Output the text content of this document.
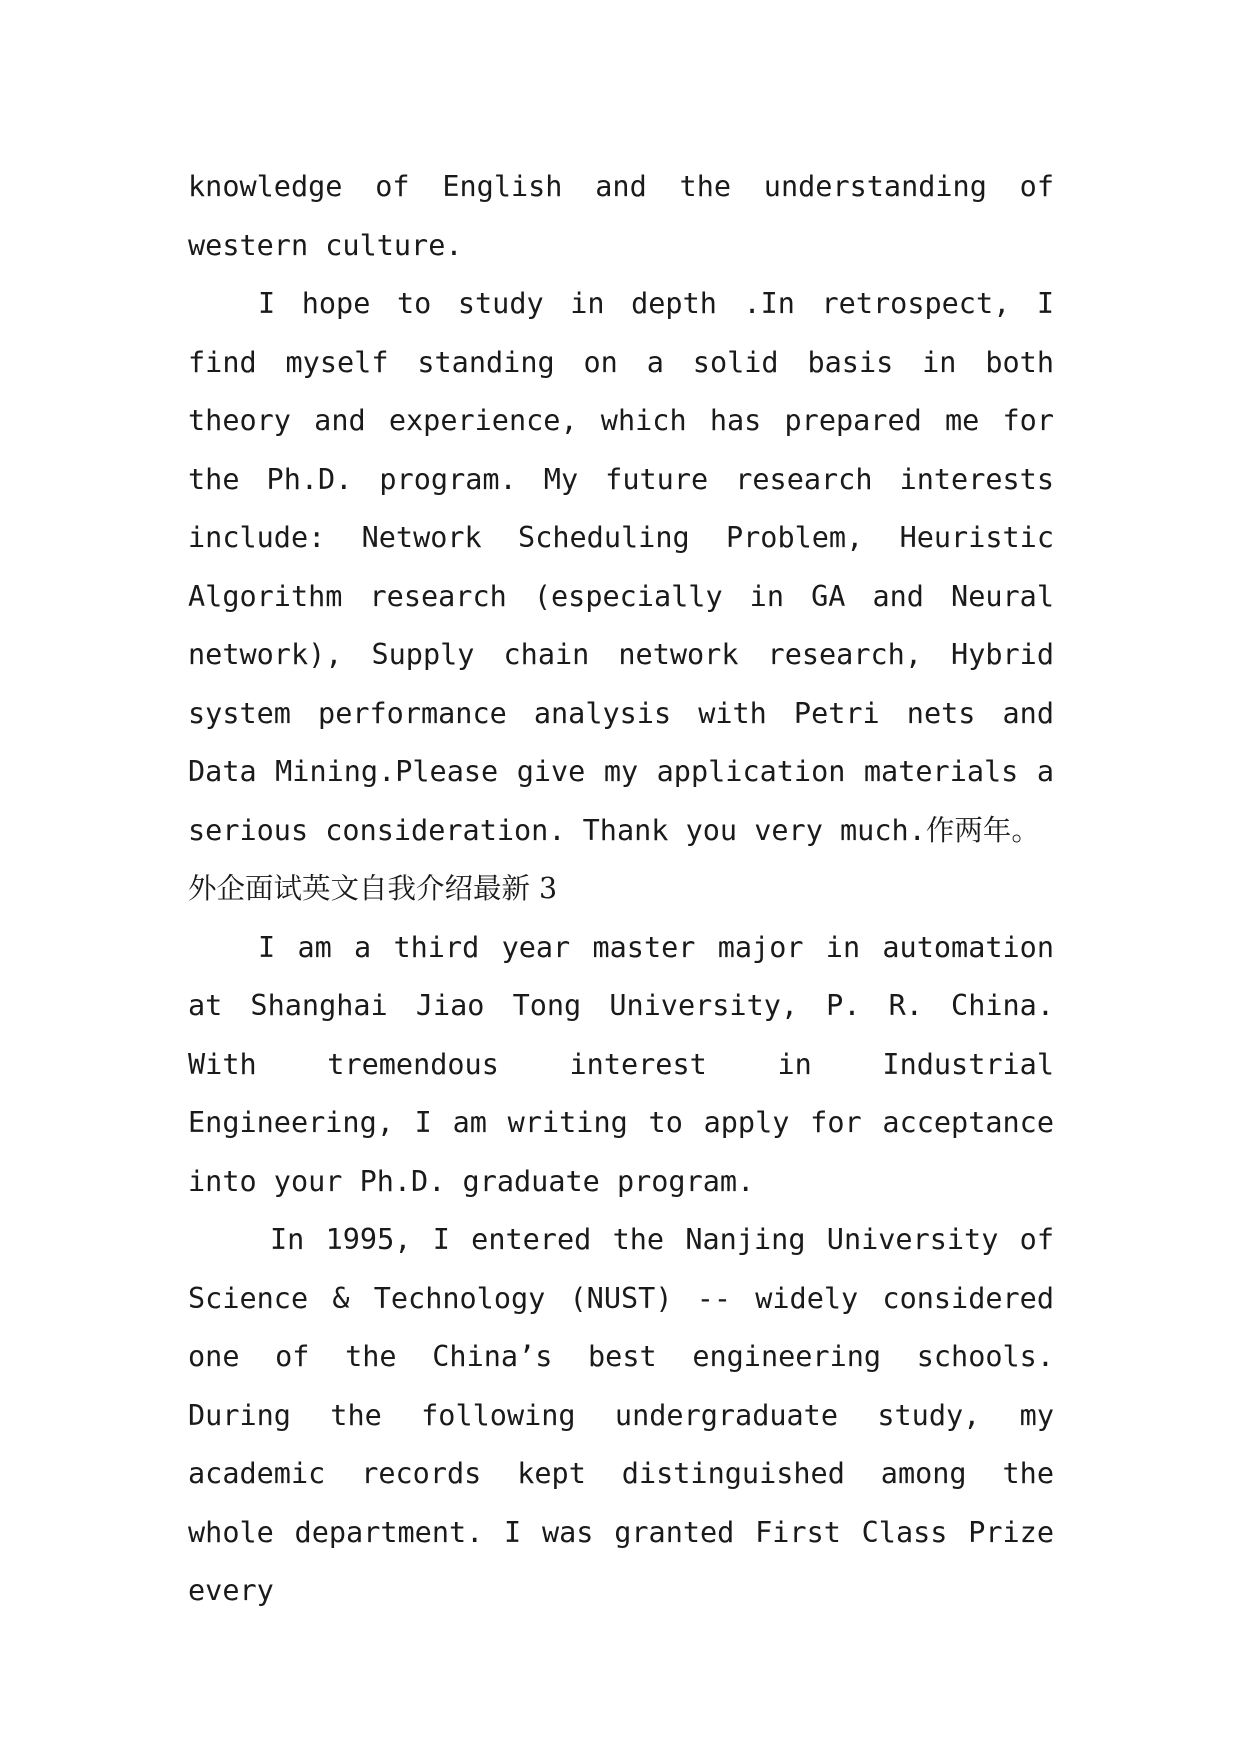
knowledge of English and the understanding of western culture.

I hope to study in depth .In retrospect, I find myself standing on a solid basis in both theory and experience, which has prepared me for the Ph.D. program. My future research interests include: Network Scheduling Problem, Heuristic Algorithm research (especially in GA and Neural network), Supply chain network research, Hybrid system performance analysis with Petri nets and Data Mining.Please give my application materials a serious consideration. Thank you very much.作两年。

外企面试英文自我介绍最新 3

I am a third year master major in automation at Shanghai Jiao Tong University, P. R. China. With tremendous interest in Industrial Engineering, I am writing to apply for acceptance into your Ph.D. graduate program.

In 1995, I entered the Nanjing University of Science & Technology (NUST) -- widely considered one of the China’s best engineering schools. During the following undergraduate study, my academic records kept distinguished among the whole department. I was granted First Class Prize every
